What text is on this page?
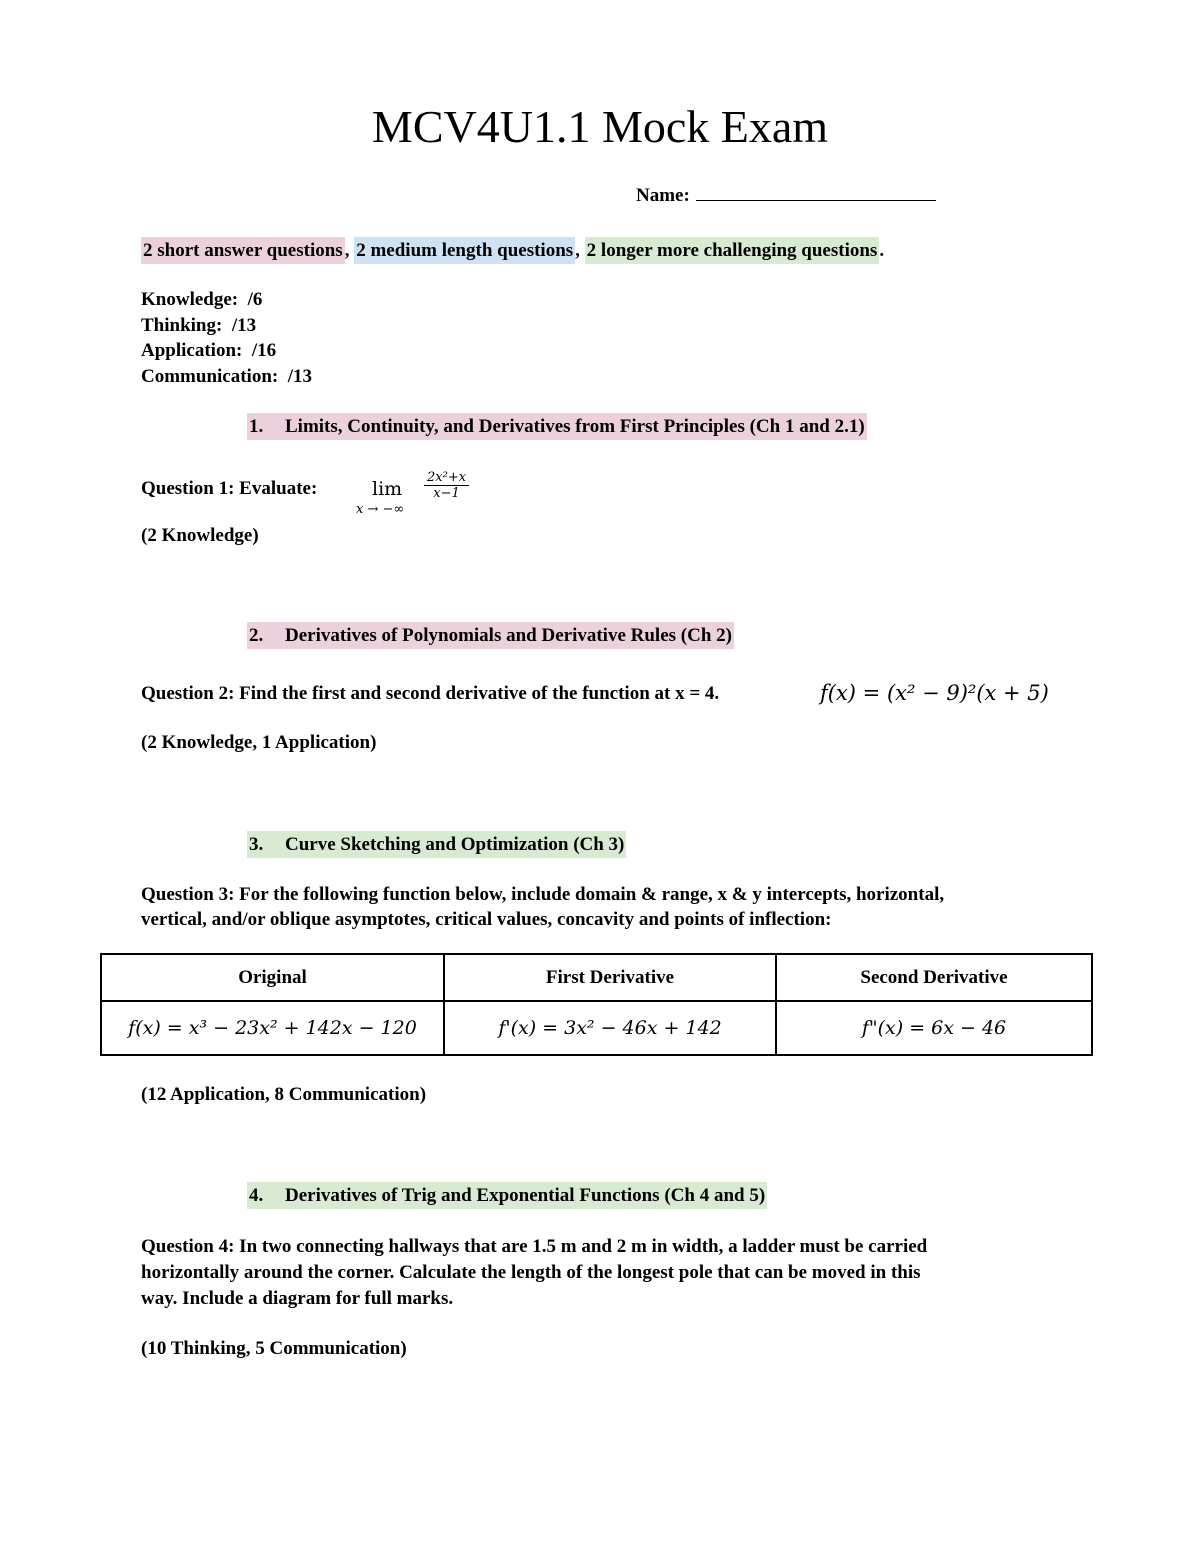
MCV4U1.1 Mock Exam
Name:
2 short answer questions , 2 medium length questions , 2 longer more challenging questions .
Knowledge: /6
Thinking: /13
Application: /16
Communication: /13
1. Limits, Continuity, and Derivatives from First Principles (Ch 1 and 2.1)
Question 1: Evaluate:	lim
x → −∞
$\frac{\text{2x²+x}}{x-1}$
(2 Knowledge)
2. Derivatives of Polynomials and Derivative Rules (Ch 2)
Question 2: Find the first and second derivative of the function at x = 4.	f(x) = (x² − 9)²(x + 5)
(2 Knowledge, 1 Application)
3. Curve Sketching and Optimization (Ch 3)
Question 3: For the following function below, include domain & range, x & y intercepts, horizontal,
vertical, and/or oblique asymptotes, critical values, concavity and points of inflection:
Original	First Derivative	Second Derivative
f(x) = x³ − 23x² + 142x − 120	f'(x) = 3x² − 46x + 142	f"(x) = 6x − 46
(12 Application, 8 Communication)
4. Derivatives of Trig and Exponential Functions (Ch 4 and 5)
Question 4: In two connecting hallways that are 1.5 m and 2 m in width, a ladder must be carried
horizontally around the corner. Calculate the length of the longest pole that can be moved in this
way. Include a diagram for full marks.
(10 Thinking, 5 Communication)
